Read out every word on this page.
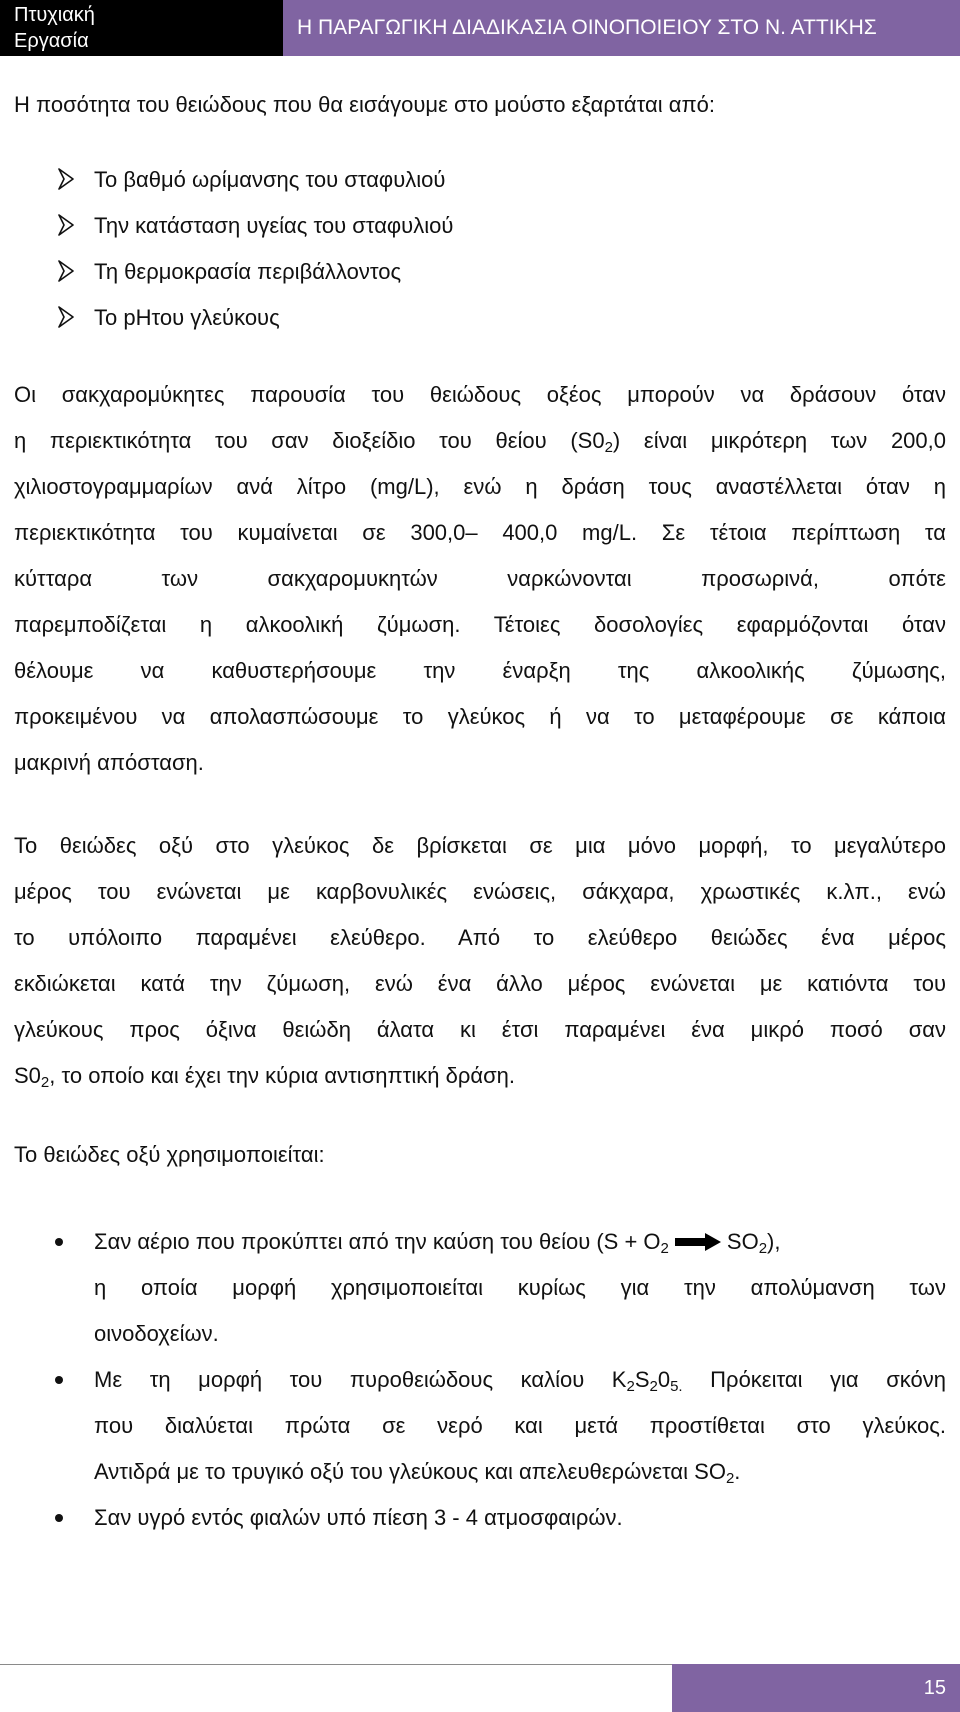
Πτυχιακή
Εργασία
Η ΠΑΡΑΓΩΓΙΚΗ ΔΙΑΔΙΚΑΣΙΑ ΟΙΝΟΠΟΙΕΙΟΥ ΣΤΟ Ν. ΑΤΤΙΚΗΣ

Η ποσότητα του θειώδους που θα εισάγουμε στο μούστο εξαρτάται από:

Το βαθμό ωρίμανσης του σταφυλιού
Την κατάσταση υγείας του σταφυλιού
Τη θερμοκρασία περιβάλλοντος
Το pHτου γλεύκους
Οι σακχαρομύκητες παρουσία του θειώδους οξέος μπορούν να δράσουν όταν
η περιεκτικότητα του σαν διοξείδιο του θείου $(S0_2)$ είναι μικρότερη των 200,0
χιλιοστογραμμαρίων ανά λίτρο (mg/L), ενώ η δράση τους αναστέλλεται όταν η
περιεκτικότητα του κυμαίνεται σε 300,0– 400,0 mg/L. Σε τέτοια περίπτωση τα
κύτταρα των σακχαρομυκητών ναρκώνονται προσωρινά, οπότε
παρεμποδίζεται η αλκοολική ζύμωση. Τέτοιες δοσολογίες εφαρμόζονται όταν
θέλουμε να καθυστερήσουμε την έναρξη της αλκοολικής ζύμωσης,
προκειμένου να απολασπώσουμε το γλεύκος ή να το μεταφέρουμε σε κάποια
μακρινή απόσταση.
Το θειώδες οξύ στο γλεύκος δε βρίσκεται σε μια μόνο μορφή, το μεγαλύτερο
μέρος του ενώνεται με καρβονυλικές ενώσεις, σάκχαρα, χρωστικές κ.λπ., ενώ
το υπόλοιπο παραμένει ελεύθερο. Από το ελεύθερο θειώδες ένα μέρος
εκδιώκεται κατά την ζύμωση, ενώ ένα άλλο μέρος ενώνεται με κατιόντα του
γλεύκους προς όξινα θειώδη άλατα κι έτσι παραμένει ένα μικρό ποσό σαν
$S0_2$, το οποίο και έχει την κύρια αντισηπτική δράση.
Το θειώδες οξύ χρησιμοποιείται:
Σαν αέριο που προκύπτει από την καύση του θείου ($S + O_2$	$SO_2$),
η οποία μορφή χρησιμοποιείται κυρίως για την απολύμανση των
οινοδοχείων.
Με τη μορφή του πυροθειώδους καλίου $K_2S_20_{5.}$ Πρόκειται για σκόνη
που διαλύεται πρώτα σε νερό και μετά προστίθεται στο γλεύκος.
Αντιδρά με το τρυγικό οξύ του γλεύκους και απελευθερώνεται $SO_2$.
Σαν υγρό εντός φιαλών υπό πίεση 3 - 4 ατμοσφαιρών.
15
